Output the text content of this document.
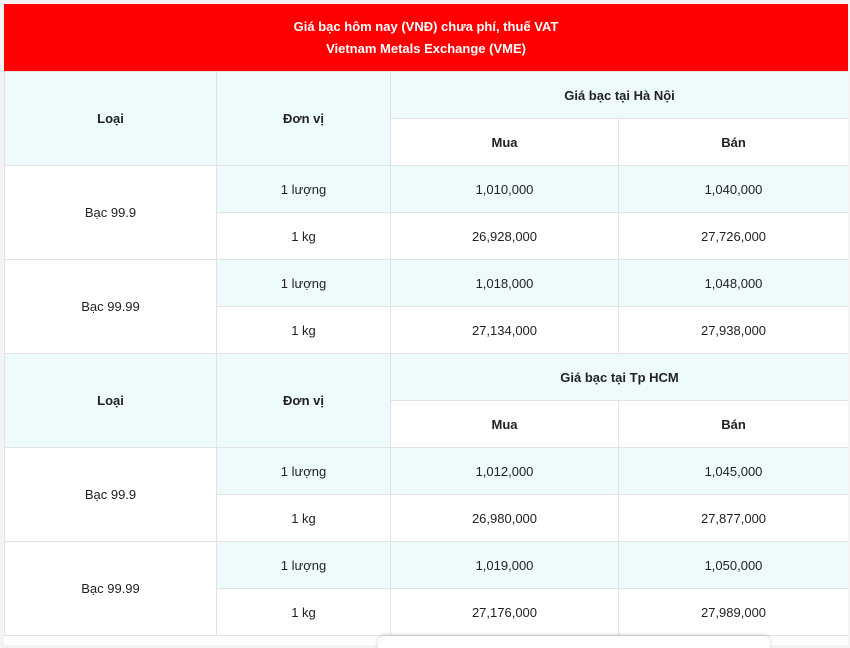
Giá bạc hôm nay (VNĐ) chưa phí, thuế VAT
Vietnam Metals Exchange (VME)
Loại	Đơn vị	Giá bạc tại Hà Nội	
		Mua	Bán
Bạc 99.9	1 lượng	1,010,000	1,040,000
	1 kg	26,928,000	27,726,000
Bạc 99.99	1 lượng	1,018,000	1,048,000
	1 kg	27,134,000	27,938,000
Loại	Đơn vị	Giá bạc tại Tp HCM	
		Mua	Bán
Bạc 99.9	1 lượng	1,012,000	1,045,000
	1 kg	26,980,000	27,877,000
Bạc 99.99	1 lượng	1,019,000	1,050,000
	1 kg	27,176,000	27,989,000
